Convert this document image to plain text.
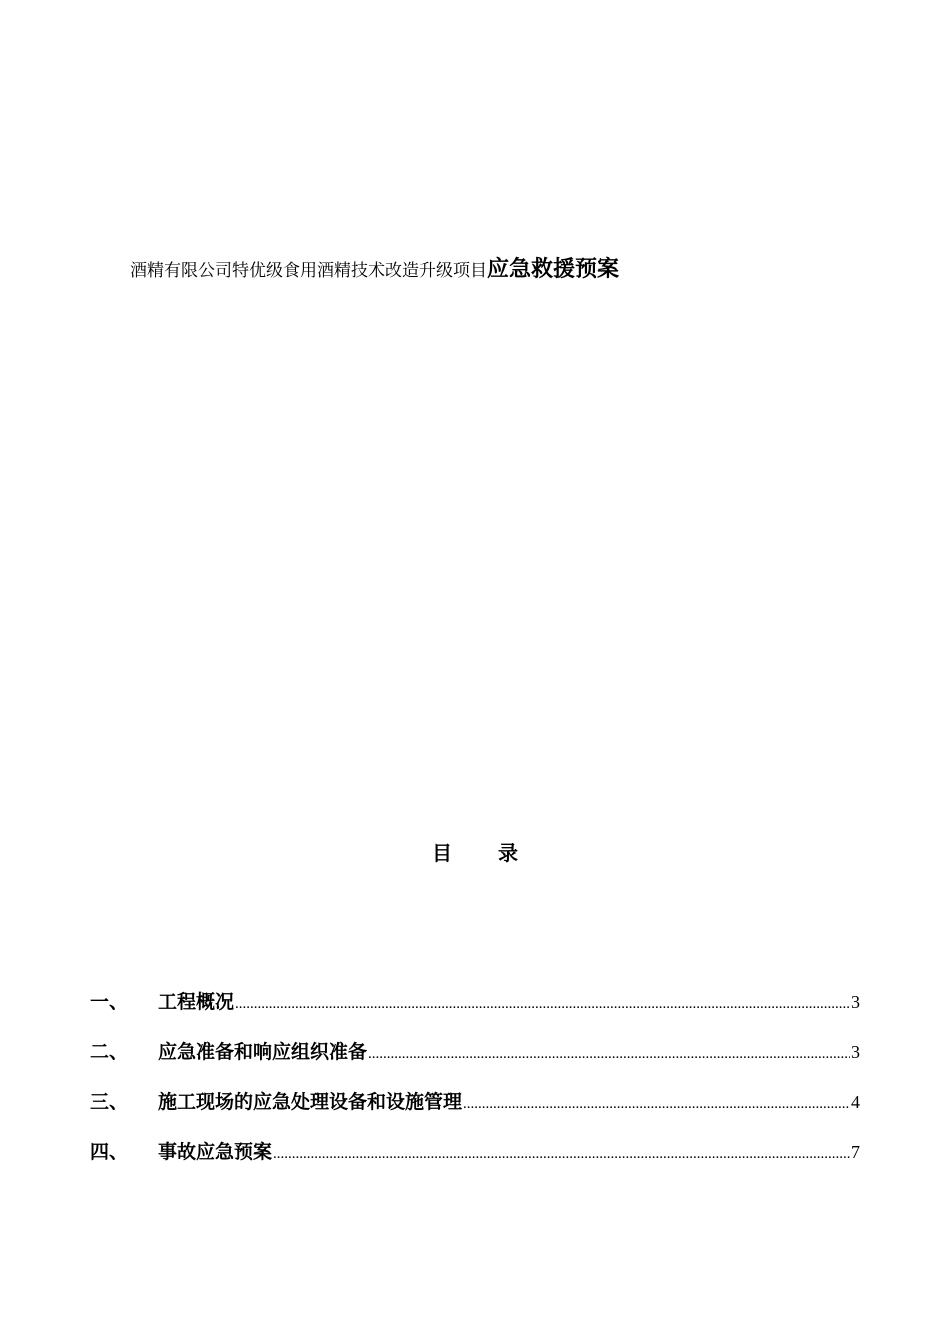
酒精有限公司特优级食用酒精技术改造升级项目应急救援预案
目 录
一、	工程概况 .....	3
二、	应急准备和响应组织准备 .....	3
三、	施工现场的应急处理设备和设施管理 .....	4
四、	事故应急预案 .....	7
